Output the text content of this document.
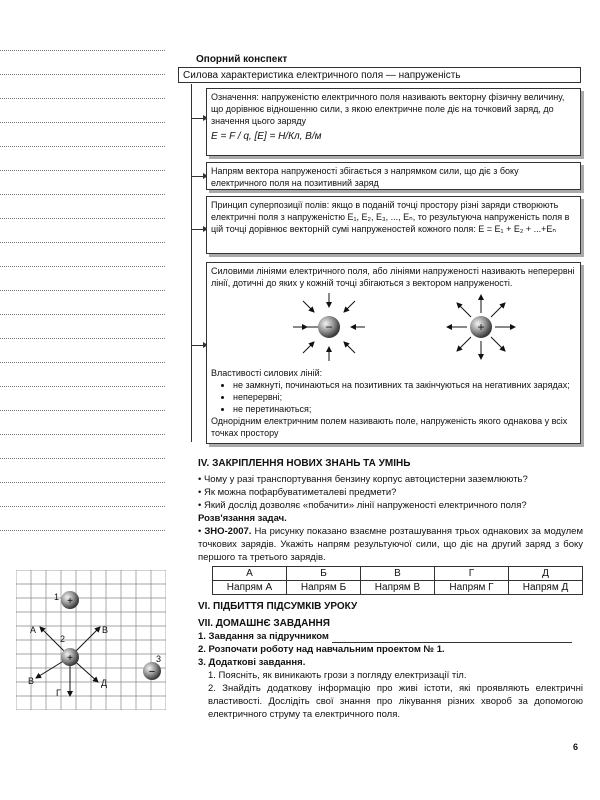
Опорний конспект
Силова характеристика електричного поля — напруженість
Означення: напруженістю електричного поля називають векторну фізичну величину, що дорівнює відношенню сили, з якою електричне поле діє на точковий заряд, до значення цього заряду
E = F / q, [E] = Н/Кл, В/м
Напрям вектора напруженості збігається з напрямком сили, що діє з боку електричного поля на позитивний заряд
Принцип суперпозиції полів: якщо в поданій точці простору різні заряди створюють електричні поля з напруженістю E₁, E₂, E₃, ..., Eₙ, то результуюча напруженість поля в цій точці дорівнює векторній сумі напруженостей кожного поля: E = E₁ + E₂ + ...+Eₙ
Силовими лініями електричного поля, або лініями напруженості називають неперервні лінії, дотичні до яких у кожній точці збігаються з вектором напруженості.
−	+
Властивості силових ліній:
• не замкнуті, починаються на позитивних та закінчуються на негативних зарядах;
• неперервні;
• не перетинаються;
Однорідним електричним полем називають поле, напруженість якого однакова у всіх точках простору
IV. ЗАКРІПЛЕННЯ НОВИХ ЗНАНЬ ТА УМІНЬ
• Чому у разі транспортування бензину корпус автоцистерни заземлюють?
• Як можна пофарбуватиметалеві предмети?
• Який дослід дозволяє «побачити» лінії напруженості електричного поля?
Розв'язання задач.
• ЗНО-2007. На рисунку показано взаємне розташування трьох однакових за модулем точкових зарядів. Укажіть напрям результуючої сили, що діє на другий заряд з боку першого та третього зарядів.
А	Б	В	Г	Д
Напрям А	Напрям Б	Напрям В	Напрям Г	Напрям Д
+
+
−
1
2
3
А	В
В
Г
Д
VI. ПІДБИТТЯ ПІДСУМКІВ УРОКУ
VII. ДОМАШНЄ ЗАВДАННЯ
1. Завдання за підручником
2. Розпочати роботу над навчальним проектом № 1.
3. Додаткові завдання.
1. Поясніть, як виникають грози з погляду електризації тіл.
2. Знайдіть додаткову інформацію про живі істоти, які проявляють електричні властивості. Дослідіть свої знання про лікування різних хвороб за допомогою електричного струму та електричного поля.
6
